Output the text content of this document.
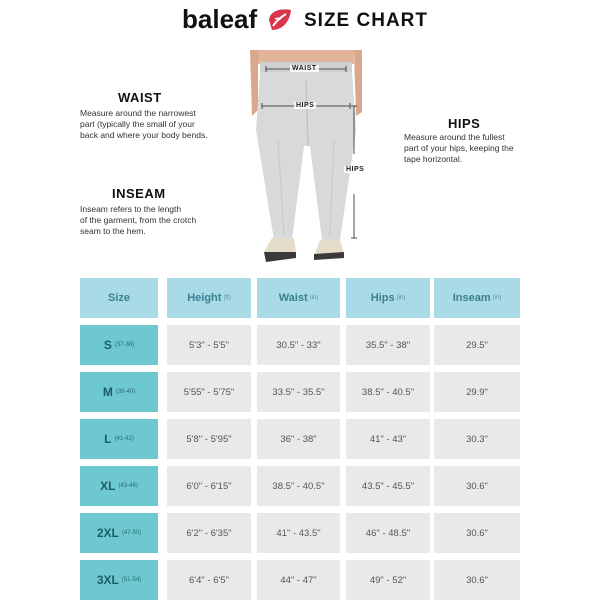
baleaf SIZE CHART
WAIST
HIPS
HIPS
WAIST
Measure around the narrowest
part (typically the small of your
back and where your body bends.
INSEAM
Inseam refers to the length
of the garment, from the crotch
seam to the hem.
HIPS
Measure around the fullest
part of your hips, keeping the
tape horizontal.
Size	Height (ft)	Waist (in)	Hips (in)	Inseam (in)
S (37-38)	5'3" - 5'5"	30.5" - 33"	35.5" - 38"	29.5"
M (39-40)	5'55" - 5'75"	33.5" - 35.5"	38.5" - 40.5"	29.9"
L (41-42)	5'8" - 5'95"	36" - 38"	41" - 43"	30.3"
XL (43-46)	6'0" - 6'15"	38.5" - 40.5"	43.5" - 45.5"	30.6"
2XL (47-50)	6'2" - 6'35"	41" - 43.5"	46" - 48.5"	30.6"
3XL (51-54)	6'4" - 6'5"	44" - 47"	49" - 52"	30.6"
